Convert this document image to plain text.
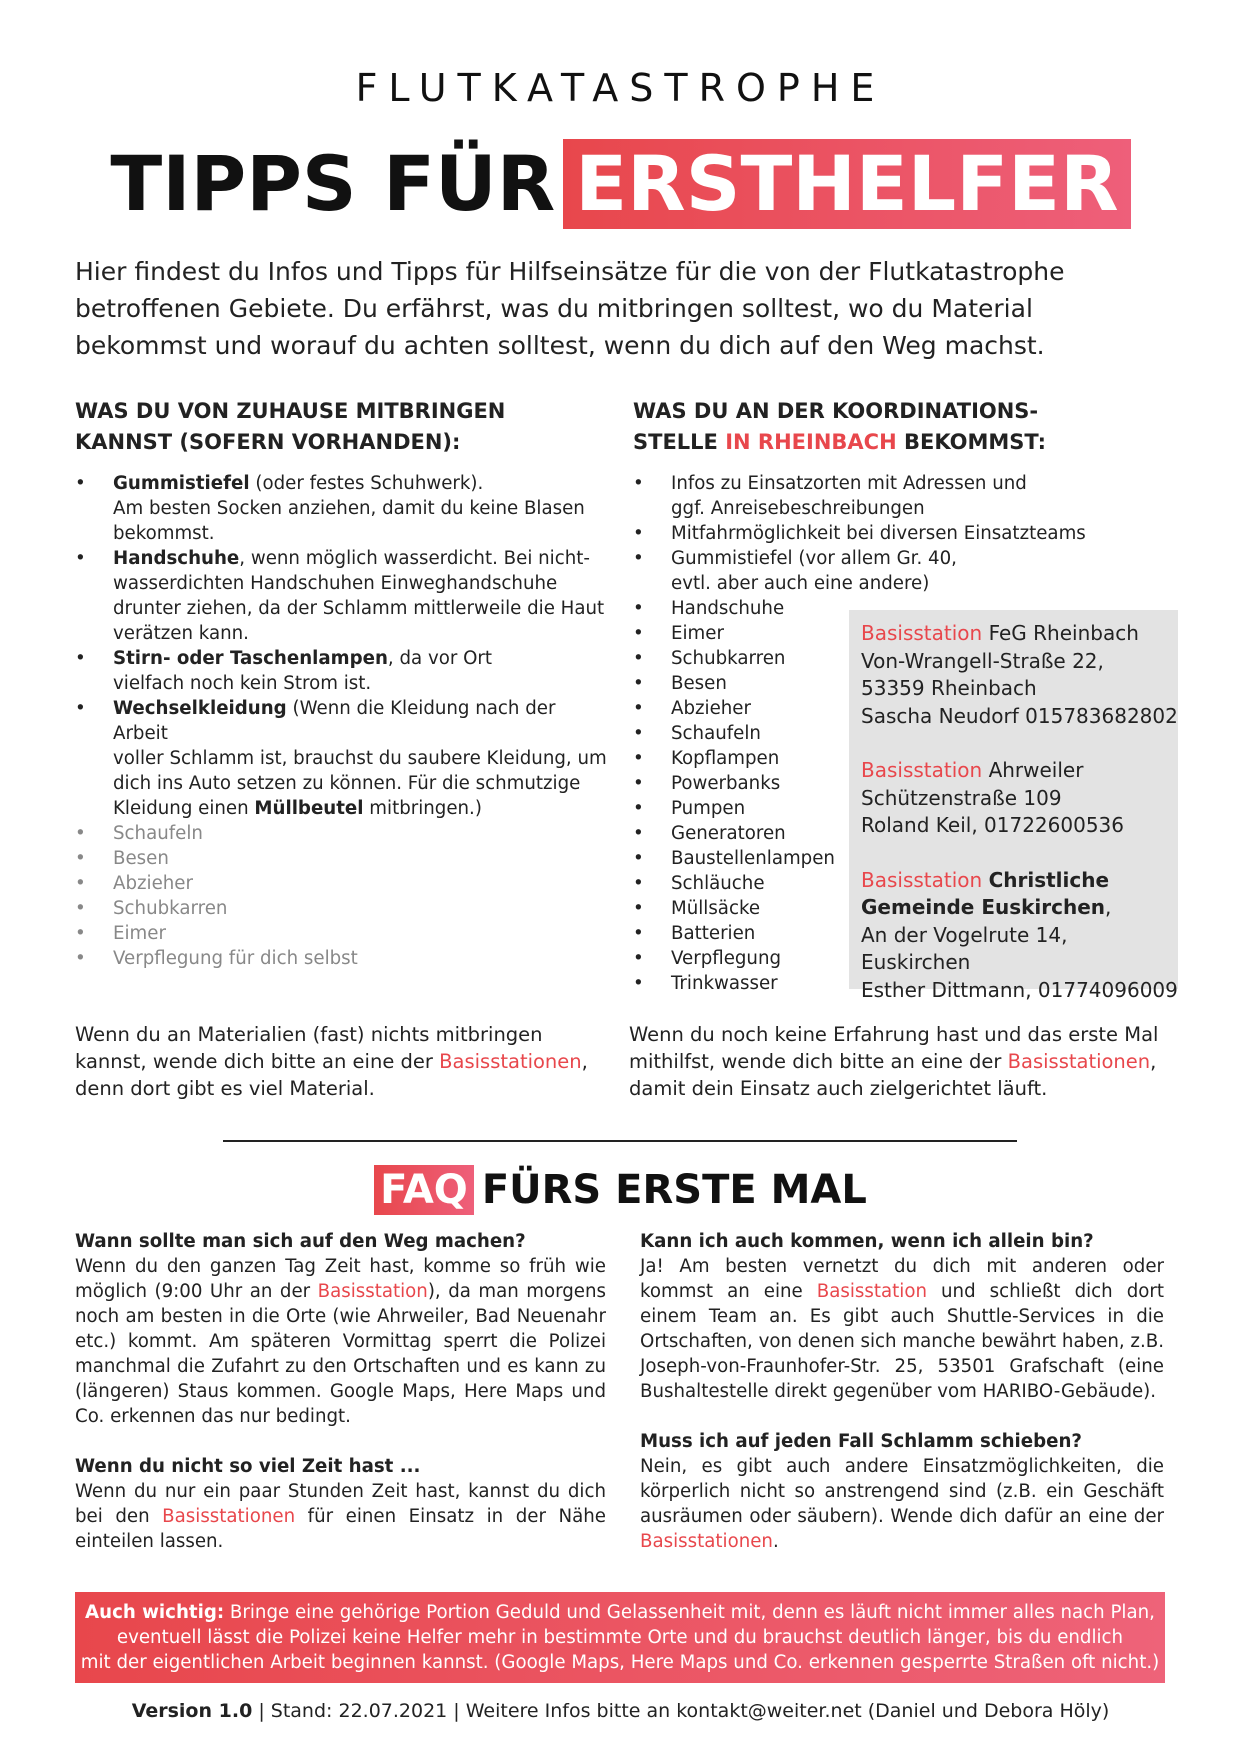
FLUTKATASTROPHE
TIPPS FÜR ERSTHELFER
Hier findest du Infos und Tipps für Hilfseinsätze für die von der Flutkatastrophe betroffenen Gebiete. Du erfährst, was du mitbringen solltest, wo du Material bekommst und worauf du achten solltest, wenn du dich auf den Weg machst.
WAS DU VON ZUHAUSE MITBRINGEN
KANNST (SOFERN VORHANDEN):
• Gummistiefel (oder festes Schuhwerk).
Am besten Socken anziehen, damit du keine Blasen
bekommst.
• Handschuhe, wenn möglich wasserdicht. Bei nicht-
wasserdichten Handschuhen Einweghandschuhe
drunter ziehen, da der Schlamm mittlerweile die Haut
verätzen kann.
• Stirn- oder Taschenlampen, da vor Ort
vielfach noch kein Strom ist.
• Wechselkleidung (Wenn die Kleidung nach der Arbeit
voller Schlamm ist, brauchst du saubere Kleidung, um
dich ins Auto setzen zu können. Für die schmutzige
Kleidung einen Müllbeutel mitbringen.)
• Schaufeln
• Besen
• Abzieher
• Schubkarren
• Eimer
• Verpflegung für dich selbst
WAS DU AN DER KOORDINATIONS-
STELLE IN RHEINBACH BEKOMMST:
• Infos zu Einsatzorten mit Adressen und
ggf. Anreisebeschreibungen
• Mitfahrmöglichkeit bei diversen Einsatzteams
• Gummistiefel (vor allem Gr. 40,
evtl. aber auch eine andere)
• Handschuhe
• Eimer
• Schubkarren
• Besen
• Abzieher
• Schaufeln
• Kopflampen
• Powerbanks
• Pumpen
• Generatoren
• Baustellenlampen
• Schläuche
• Müllsäcke
• Batterien
• Verpflegung
• Trinkwasser
Basisstation FeG Rheinbach
Von-Wrangell-Straße 22,
53359 Rheinbach
Sascha Neudorf 015783682802
Basisstation Ahrweiler
Schützenstraße 109
Roland Keil, 01722600536
Basisstation Christliche
Gemeinde Euskirchen,
An der Vogelrute 14, Euskirchen
Esther Dittmann, 01774096009
Wenn du an Materialien (fast) nichts mitbringen
kannst, wende dich bitte an eine der Basisstationen,
denn dort gibt es viel Material.
Wenn du noch keine Erfahrung hast und das erste Mal
mithilfst, wende dich bitte an eine der Basisstationen,
damit dein Einsatz auch zielgerichtet läuft.
FAQ FÜRS ERSTE MAL
Wann sollte man sich auf den Weg machen?
Wenn du den ganzen Tag Zeit hast, komme so früh wie möglich (9:00 Uhr an der Basisstation), da man morgens noch am besten in die Orte (wie Ahrweiler, Bad Neuenahr etc.) kommt. Am späteren Vormittag sperrt die Polizei manchmal die Zufahrt zu den Ortschaften und es kann zu (längeren) Staus kommen. Google Maps, Here Maps und Co. erkennen das nur bedingt.
Wenn du nicht so viel Zeit hast ...
Wenn du nur ein paar Stunden Zeit hast, kannst du dich bei den Basisstationen für einen Einsatz in der Nähe einteilen lassen.
Kann ich auch kommen, wenn ich allein bin?
Ja! Am besten vernetzt du dich mit anderen oder kommst an eine Basisstation und schließt dich dort einem Team an. Es gibt auch Shuttle-Services in die Ortschaften, von denen sich manche bewährt haben, z.B. Joseph-von-Fraunhofer-Str. 25, 53501 Grafschaft (eine Bushaltestelle direkt gegenüber vom HARIBO-Gebäude).
Muss ich auf jeden Fall Schlamm schieben?
Nein, es gibt auch andere Einsatzmöglichkeiten, die körperlich nicht so anstrengend sind (z.B. ein Geschäft ausräumen oder säubern). Wende dich dafür an eine der Basisstationen.
Auch wichtig: Bringe eine gehörige Portion Geduld und Gelassenheit mit, denn es läuft nicht immer alles nach Plan,
eventuell lässt die Polizei keine Helfer mehr in bestimmte Orte und du brauchst deutlich länger, bis du endlich
mit der eigentlichen Arbeit beginnen kannst. (Google Maps, Here Maps und Co. erkennen gesperrte Straßen oft nicht.)
Version 1.0 | Stand: 22.07.2021 | Weitere Infos bitte an kontakt@weiter.net (Daniel und Debora Höly)
